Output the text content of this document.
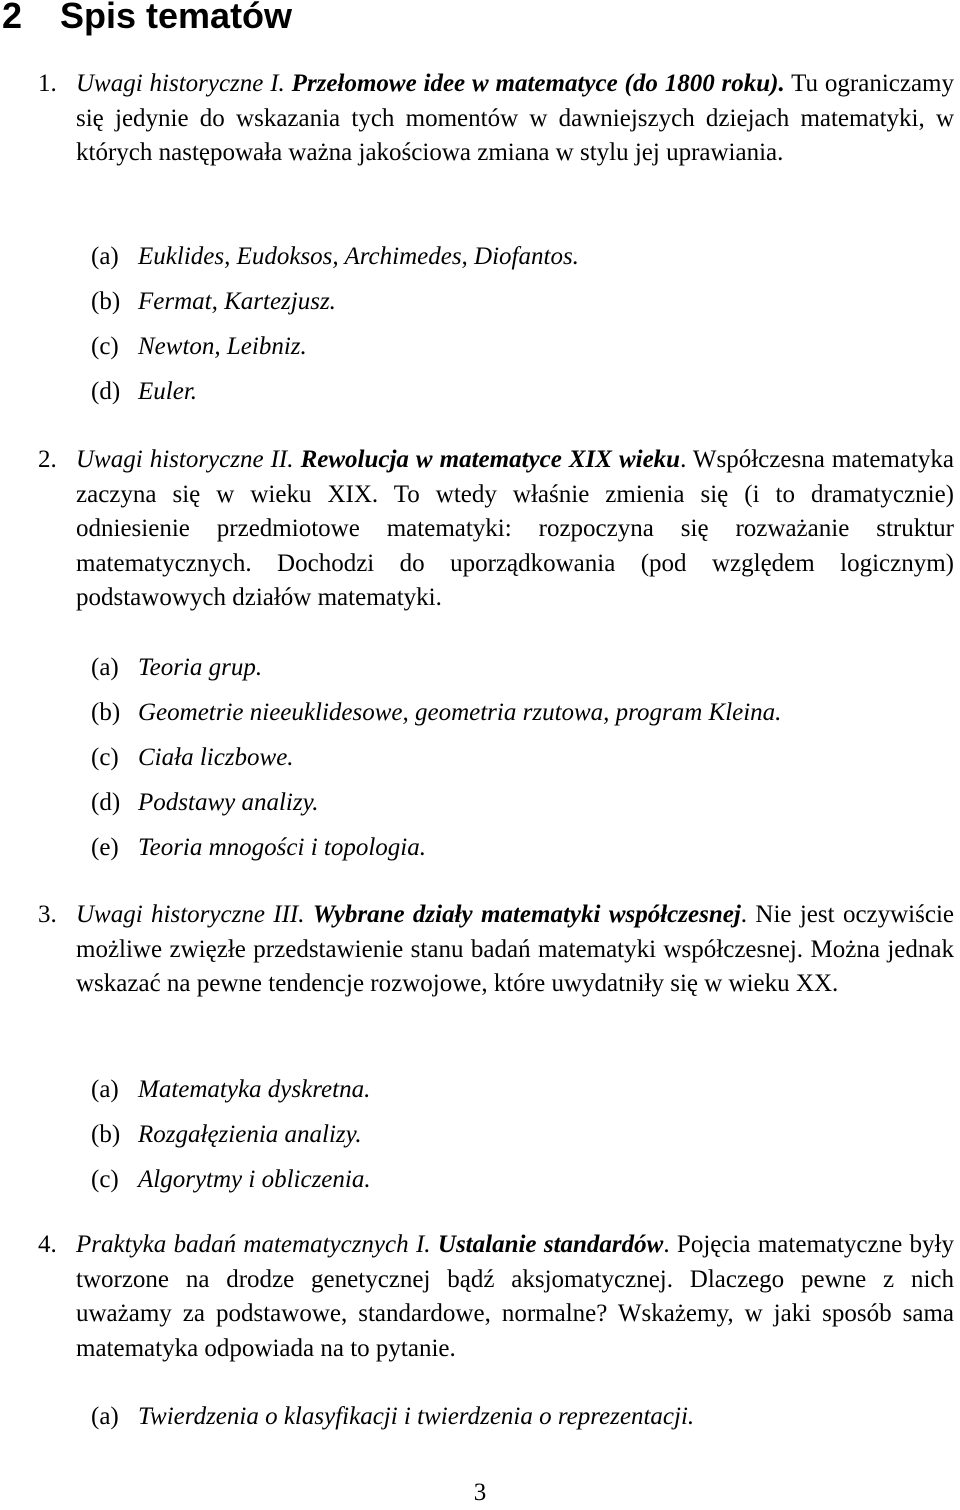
2 Spis tematów
1. Uwagi historyczne I. Przełomowe idee w matematyce (do 1800 roku). Tu ograniczamy się jedynie do wskazania tych momentów w dawniejszych dziejach matematyki, w których następowała ważna jakościowa zmiana w stylu jej uprawiania.
(a) Euklides, Eudoksos, Archimedes, Diofantos.
(b) Fermat, Kartezjusz.
(c) Newton, Leibniz.
(d) Euler.
2. Uwagi historyczne II. Rewolucja w matematyce XIX wieku. Współczesna matematyka zaczyna się w wieku XIX. To wtedy właśnie zmienia się (i to dramatycznie) odniesienie przedmiotowe matematyki: rozpoczyna się rozważanie struktur matematycznych. Dochodzi do uporządkowania (pod względem logicznym) podstawowych działów matematyki.
(a) Teoria grup.
(b) Geometrie nieeuklidesowe, geometria rzutowa, program Kleina.
(c) Ciała liczbowe.
(d) Podstawy analizy.
(e) Teoria mnogości i topologia.
3. Uwagi historyczne III. Wybrane działy matematyki współczesnej. Nie jest oczywiście możliwe zwięzłe przedstawienie stanu badań matematyki współczesnej. Można jednak wskazać na pewne tendencje rozwojowe, które uwydatniły się w wieku XX.
(a) Matematyka dyskretna.
(b) Rozgałęzienia analizy.
(c) Algorytmy i obliczenia.
4. Praktyka badań matematycznych I. Ustalanie standardów. Pojęcia matematyczne były tworzone na drodze genetycznej bądź aksjomatycznej. Dlaczego pewne z nich uważamy za podstawowe, standardowe, normalne? Wskażemy, w jaki sposób sama matematyka odpowiada na to pytanie.
(a) Twierdzenia o klasyfikacji i twierdzenia o reprezentacji.
3
